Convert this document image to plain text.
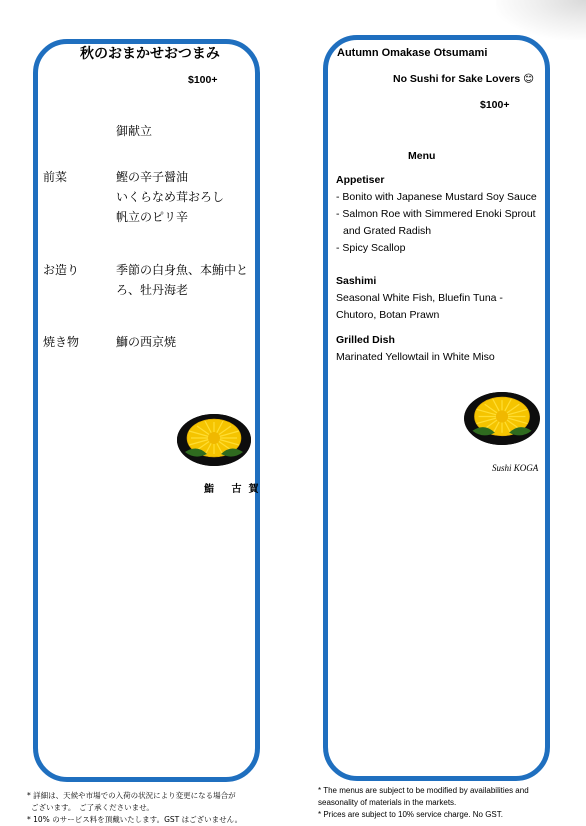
秋のおまかせおつまみ
$100+
御献立
前菜	鰹の辛子醤油
いくらなめ茸おろし
帆立のピリ辛
お造り	季節の白身魚、本鮪中と
ろ、牡丹海老
焼き物	鰤の西京焼
鮨 古賀
Autumn Omakase Otsumami
No Sushi for Sake Lovers 😊
$100+
Menu
Appetiser
- Bonito with Japanese Mustard Soy Sauce
- Salmon Roe with Simmered Enoki Sprout
and Grated Radish
- Spicy Scallop
Sashimi
Seasonal White Fish, Bluefin Tuna -
Chutoro, Botan Prawn
Grilled Dish
Marinated Yellowtail in White Miso
Sushi KOGA
* 詳細は、天候や市場での入荷の状況により変更になる場合が
ございます。　ご了承くださいませ。
* 10% のサービス料を頂戴いたします。GST はございません。
* The menus are subject to be modified by availabilities and
seasonality of materials in the markets.
* Prices are subject to 10% service charge. No GST.
